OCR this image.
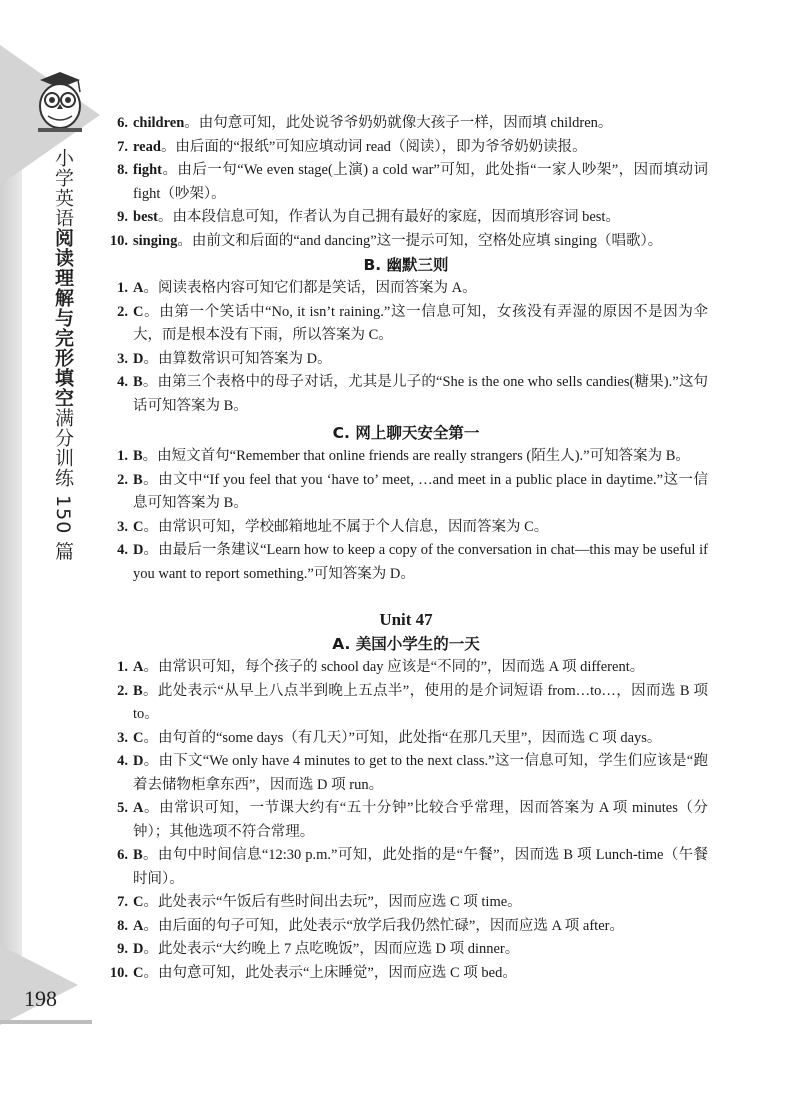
小学英语阅读理解与完形填空满分训练 150 篇
198
6. children。由句意可知，此处说爷爷奶奶就像大孩子一样，因而填 children。
7. read。由后面的“报纸”可知应填动词 read（阅读），即为爷爷奶奶读报。
8. fight。由后一句“We even stage(上演) a cold war”可知，此处指“一家人吵架”，因而填动词 fight（吵架）。
9. best。由本段信息可知，作者认为自己拥有最好的家庭，因而填形容词 best。
10. singing。由前文和后面的“and dancing”这一提示可知，空格处应填 singing（唱歌）。
B. 幽默三则
1. A。阅读表格内容可知它们都是笑话，因而答案为 A。
2. C。由第一个笑话中“No, it isn’t raining.”这一信息可知，女孩没有弄湿的原因不是因为伞大，而是根本没有下雨，所以答案为 C。
3. D。由算数常识可知答案为 D。
4. B。由第三个表格中的母子对话，尤其是儿子的“She is the one who sells candies(糖果).”这句话可知答案为 B。
C. 网上聊天安全第一
1. B。由短文首句“Remember that online friends are really strangers (陌生人).”可知答案为 B。
2. B。由文中“If you feel that you ‘have to’ meet, …and meet in a public place in daytime.”这一信息可知答案为 B。
3. C。由常识可知，学校邮箱地址不属于个人信息，因而答案为 C。
4. D。由最后一条建议“Learn how to keep a copy of the conversation in chat—this may be useful if you want to report something.”可知答案为 D。
Unit 47
A. 美国小学生的一天
1. A。由常识可知，每个孩子的 school day 应该是“不同的”，因而选 A 项 different。
2. B。此处表示“从早上八点半到晚上五点半”，使用的是介词短语 from…to…，因而选 B 项 to。
3. C。由句首的“some days（有几天）”可知，此处指“在那几天里”，因而选 C 项 days。
4. D。由下文“We only have 4 minutes to get to the next class.”这一信息可知，学生们应该是“跑着去储物柜拿东西”，因而选 D 项 run。
5. A。由常识可知，一节课大约有“五十分钟”比较合乎常理，因而答案为 A 项 minutes（分钟）；其他选项不符合常理。
6. B。由句中时间信息“12:30 p.m.”可知，此处指的是“午餐”，因而选 B 项 Lunch-time（午餐时间）。
7. C。此处表示“午饭后有些时间出去玩”，因而应选 C 项 time。
8. A。由后面的句子可知，此处表示“放学后我仍然忙碌”，因而应选 A 项 after。
9. D。此处表示“大约晚上 7 点吃晚饭”，因而应选 D 项 dinner。
10. C。由句意可知，此处表示“上床睡觉”，因而应选 C 项 bed。
